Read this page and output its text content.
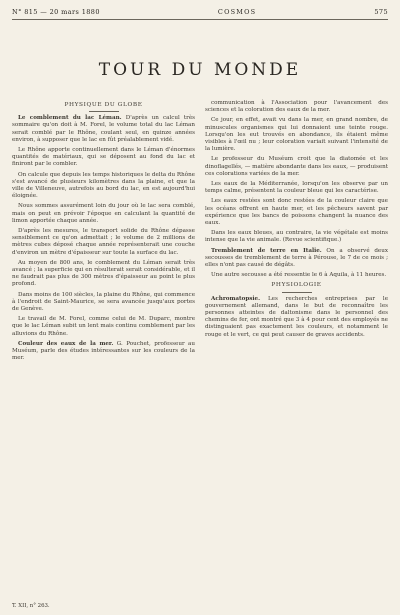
N° 815 — 20 mars 1880	COSMOS	575
TOUR DU MONDE
PHYSIQUE DU GLOBE

Le comblement du lac Léman. D'après un calcul très sommaire qu'on doit à M. Forel, le volume total du lac Léman serait comblé par le Rhône, coulant seul, en quinze années environ, à supposer que le lac en fût préalablement vidé.

Le Rhône apporte continuellement dans le Léman d'énormes quantités de matériaux, qui se déposent au fond du lac et finiront par le combler.

On calcule que depuis les temps historiques le delta du Rhône s'est avancé de plusieurs kilomètres dans la plaine, et que la ville de Villeneuve, autrefois au bord du lac, en est aujourd'hui éloignée.

Nous sommes assurément loin du jour où le lac sera comblé, mais on peut en prévoir l'époque en calculant la quantité de limon apportée chaque année.

D'après les mesures, le transport solide du Rhône dépasse sensiblement ce qu'on admettait ; le volume de 2 millions de mètres cubes déposé chaque année représenterait une couche d'environ un mètre d'épaisseur sur toute la surface du lac.

Au moyen de 800 ans, le comblement du Léman serait très avancé ; la superficie qui en résulterait serait considérable, et il ne faudrait pas plus de 300 mètres d'épaisseur au point le plus profond.

Dans moins de 100 siècles, la plaine du Rhône, qui commence à l'endroit de Saint-Maurice, se sera avancée jusqu'aux portes de Genève.

Le travail de M. Forel, comme celui de M. Duparc, montre que le lac Léman subit un lent mais continu comblement par les alluvions du Rhône.

Couleur des eaux de la mer. G. Pouchet, professeur au Muséum, parle des études intéressantes sur les couleurs de la mer.

communication à l'Association pour l'avancement des sciences et la coloration des eaux de la mer.

Ce jour, en effet, avait vu dans la mer, en grand nombre, de minuscules organismes qui lui donnaient une teinte rouge. Lorsqu'on les eut trouvés en abondance, ils étaient même visibles à l'œil nu ; leur coloration variait suivant l'intensité de la lumière.

Le professeur du Muséum croit que la diatomée et les dinoflagellés, — matière abondante dans les eaux, — produisent ces colorations variées de la mer.

Les eaux de la Méditerranée, lorsqu'on les observe par un temps calme, présentent la couleur bleue qui les caractérise.

Les eaux restées sont donc restées de la couleur claire que les océans offrent en haute mer, et les pêcheurs savent par expérience que les bancs de poissons changent la nuance des eaux.

Dans les eaux bleues, au contraire, la vie végétale est moins intense que la vie animale. (Revue scientifique.)

Tremblement de terre en Italie. On a observé deux secousses de tremblement de terre à Pérouse, le 7 de ce mois ; elles n'ont pas causé de dégâts.

Une autre secousse a été ressentie le 6 à Aquila, à 11 heures.

PHYSIOLOGIE

Achromatopsie. Les recherches entreprises par le gouvernement allemand, dans le but de reconnaître les personnes atteintes de daltonisme dans le personnel des chemins de fer, ont montré que 3 à 4 pour cent des employés ne distinguaient pas exactement les couleurs, et notamment le rouge et le vert, ce qui peut causer de graves accidents.

T. XII, n° 263.
